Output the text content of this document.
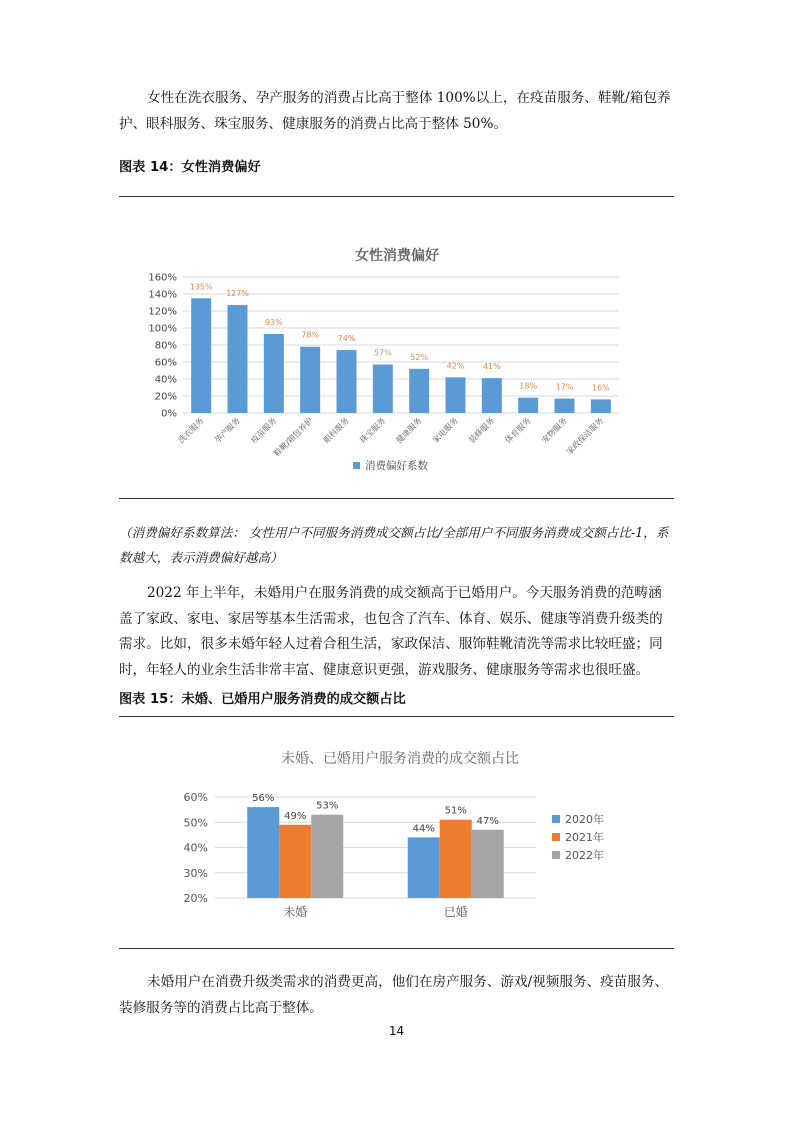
女性在洗衣服务、孕产服务的消费占比高于整体 100%以上，在疫苗服务、鞋靴/箱包养护、眼科服务、珠宝服务、健康服务的消费占比高于整体 50%。

图表 14：女性消费偏好
女性消费偏好
0%
20%
40%
60%
80%
100%
120%
140%
160%
135%
洗衣服务
127%
孕产服务
93%
疫苗服务
78%
鞋靴/箱包养护
74%
眼科服务
57%
珠宝服务
52%
健康服务
42%
家电服务
41%
装修服务
18%
体育服务
17%
宠物服务
16%
家政保洁服务
消费偏好系数

（消费偏好系数算法： 女性用户不同服务消费成交额占比/全部用户不同服务消费成交额占比-1，系数越大，表示消费偏好越高）

2022 年上半年，未婚用户在服务消费的成交额高于已婚用户。今天服务消费的范畴涵盖了家政、家电、家居等基本生活需求，也包含了汽车、体育、娱乐、健康等消费升级类的需求。比如，很多未婚年轻人过着合租生活，家政保洁、服饰鞋靴清洗等需求比较旺盛；同时，年轻人的业余生活非常丰富、健康意识更强，游戏服务、健康服务等需求也很旺盛。

图表 15：未婚、已婚用户服务消费的成交额占比
未婚、已婚用户服务消费的成交额占比
20%
30%
40%
50%
60%	56%
49%
53%
未婚
44%
51%
47%
已婚
2020年
2021年
2022年

未婚用户在消费升级类需求的消费更高，他们在房产服务、游戏/视频服务、疫苗服务、装修服务等的消费占比高于整体。

14
